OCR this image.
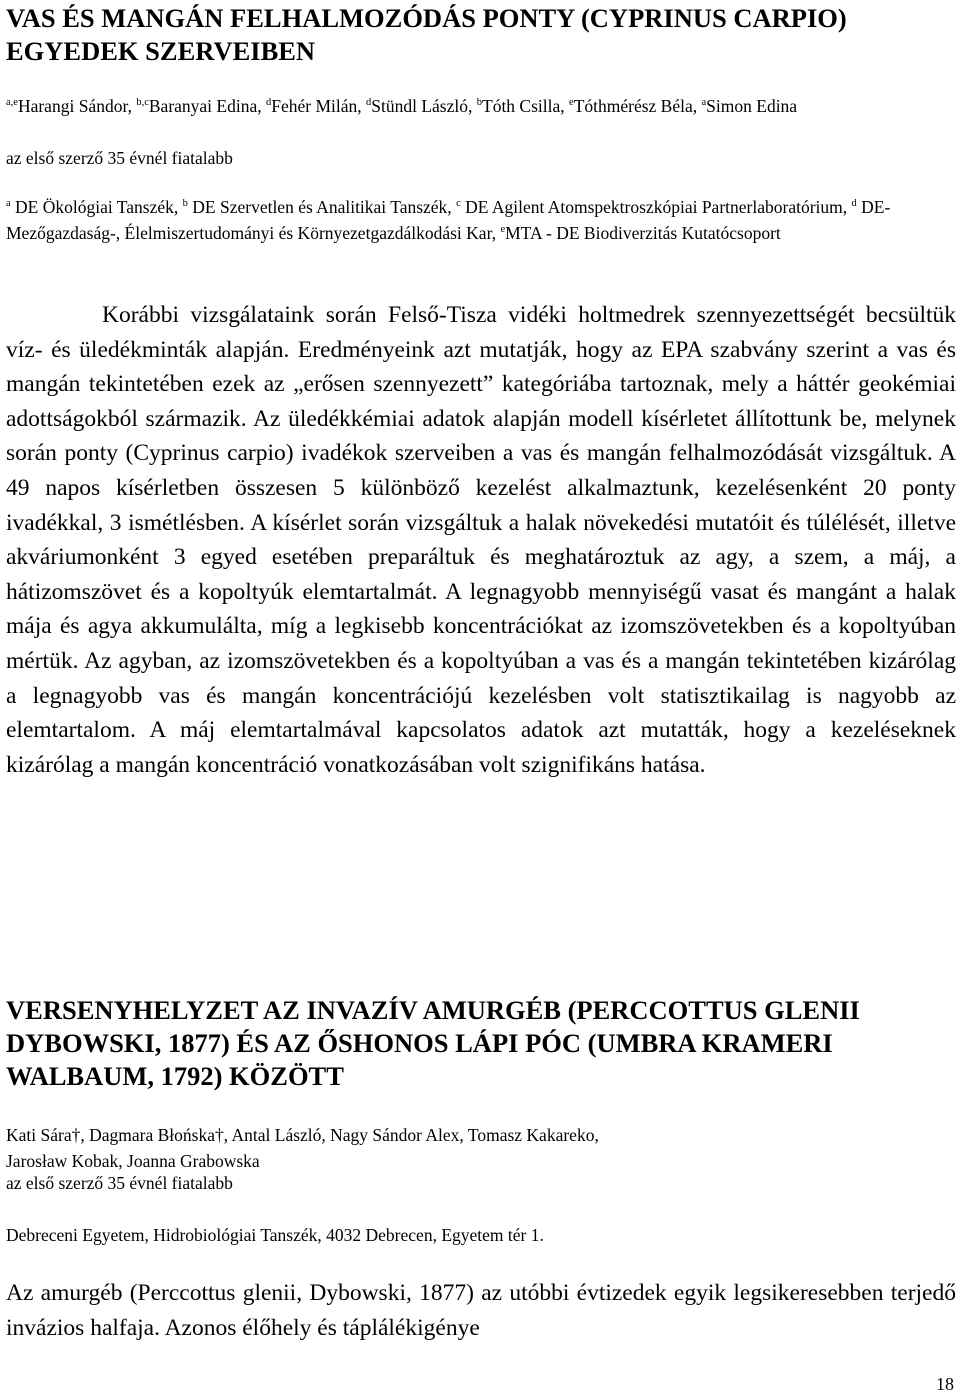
VAS ÉS MANGÁN FELHALMOZÓDÁS PONTY (CYPRINUS CARPIO) EGYEDEK SZERVEIBEN

$^{a,e}$Harangi Sándor, $^{b,c}$Baranyai Edina, $^d$Fehér Milán, $^d$Stündl László, $^b$Tóth Csilla, $^e$Tóthmérész Béla, $^a$Simon Edina

az első szerző 35 évnél fiatalabb

$^a$ DE Ökológiai Tanszék, $^b$ DE Szervetlen és Analitikai Tanszék, $^c$ DE Agilent Atomspektroszkópiai Partnerlaboratórium, $^d$ DE- Mezőgazdaság-, Élelmiszertudományi és Környezetgazdálkodási Kar, $^e$MTA - DE Biodiverzitás Kutatócsoport

Korábbi vizsgálataink során Felső-Tisza vidéki holtmedrek szennyezettségét becsültük víz- és üledékminták alapján. Eredményeink azt mutatják, hogy az EPA szabvány szerint a vas és mangán tekintetében ezek az „erősen szennyezett” kategóriába tartoznak, mely a háttér geokémiai adottságokból származik. Az üledékkémiai adatok alapján modell kísérletet állítottunk be, melynek során ponty (Cyprinus carpio) ivadékok szerveiben a vas és mangán felhalmozódását vizsgáltuk. A 49 napos kísérletben összesen 5 különböző kezelést alkalmaztunk, kezelésenként 20 ponty ivadékkal, 3 ismétlésben. A kísérlet során vizsgáltuk a halak növekedési mutatóit és túlélését, illetve akváriumonként 3 egyed esetében preparáltuk és meghatároztuk az agy, a szem, a máj, a hátizomszövet és a kopoltyúk elemtartalmát. A legnagyobb mennyiségű vasat és mangánt a halak mája és agya akkumulálta, míg a legkisebb koncentrációkat az izomszövetekben és a kopoltyúban mértük. Az agyban, az izomszövetekben és a kopoltyúban a vas és a mangán tekintetében kizárólag a legnagyobb vas és mangán koncentrációjú kezelésben volt statisztikailag is nagyobb az elemtartalom. A máj elemtartalmával kapcsolatos adatok azt mutatták, hogy a kezeléseknek kizárólag a mangán koncentráció vonatkozásában volt szignifikáns hatása.

VERSENYHELYZET AZ INVAZÍV AMURGÉB (PERCCOTTUS GLENII DYBOWSKI, 1877) ÉS AZ ŐSHONOS LÁPI PÓC (UMBRA KRAMERI WALBAUM, 1792) KÖZÖTT

Kati Sára†, Dagmara Błońska†, Antal László, Nagy Sándor Alex, Tomasz Kakareko,
Jarosław Kobak, Joanna Grabowska

az első szerző 35 évnél fiatalabb

Debreceni Egyetem, Hidrobiológiai Tanszék, 4032 Debrecen, Egyetem tér 1.

Az amurgéb (Perccottus glenii, Dybowski, 1877) az utóbbi évtizedek egyik legsikeresebben terjedő invázios halfaja. Azonos élőhely és táplálékigénye

18
